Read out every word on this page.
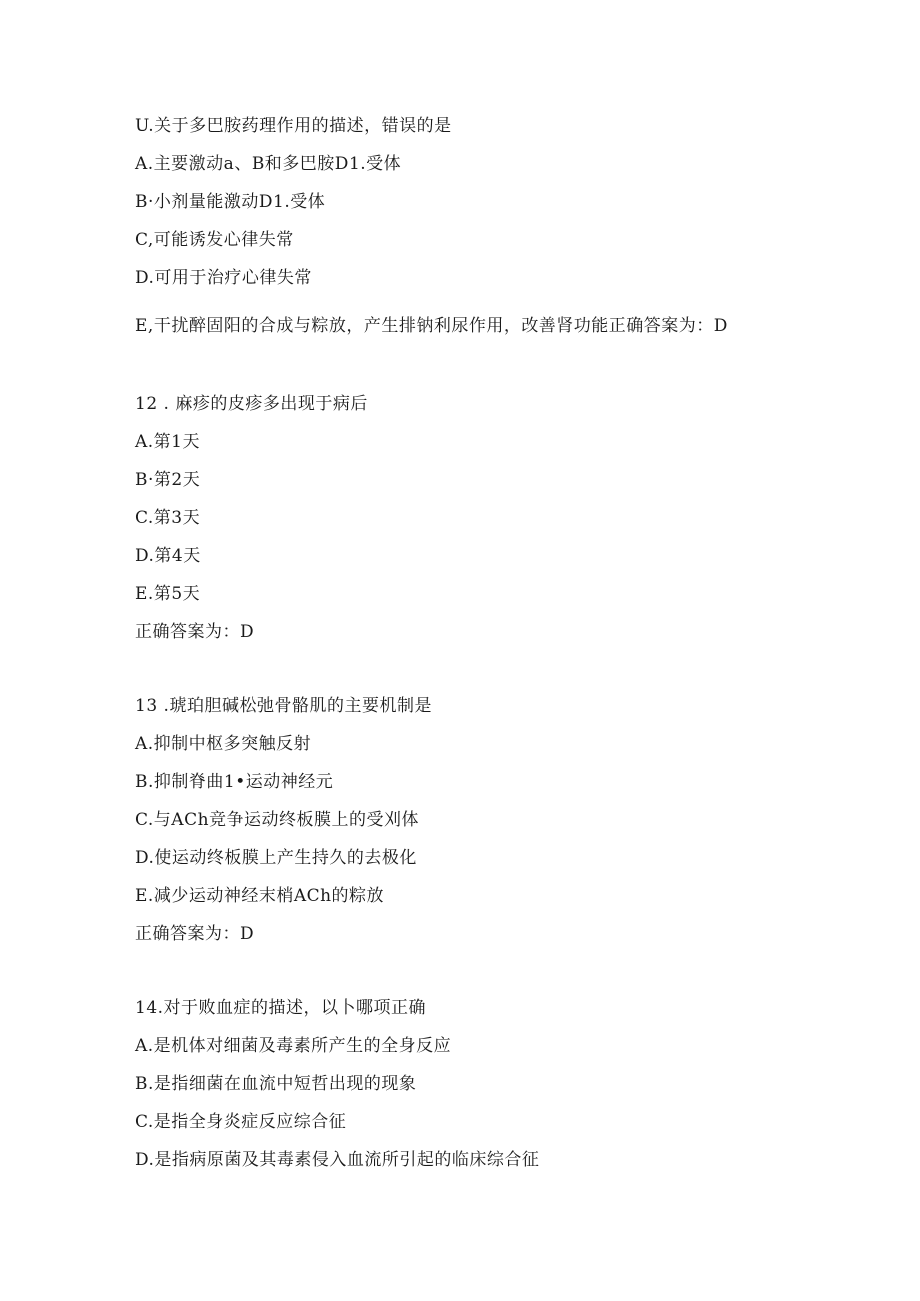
U.关于多巴胺药理作用的描述，错误的是
A.主要激动a、B和多巴胺D1.受体
B·小剂量能激动D1.受体
C,可能诱发心律失常
D.可用于治疗心律失常
E,干扰醉固阳的合成与粽放，产生排钠利尿作用，改善肾功能正确答案为：D
12 . 麻疹的皮疹多出现于病后
A.第1天
B·第2天
C.第3天
D.第4天
E.第5天
正确答案为：D
13 .琥珀胆碱松弛骨骼肌的主要机制是
A.抑制中枢多突触反射
B.抑制脊曲1•运动神经元
C.与ACh竞争运动终板膜上的受刈体
D.使运动终板膜上产生持久的去极化
E.减少运动神经末梢ACh的粽放
正确答案为：D
14.对于败血症的描述，以卜哪项正确
A.是机体对细菌及毒素所产生的全身反应
B.是指细菌在血流中短哲出现的现象
C.是指全身炎症反应综合征
D.是指病原菌及其毒素侵入血流所引起的临床综合征
